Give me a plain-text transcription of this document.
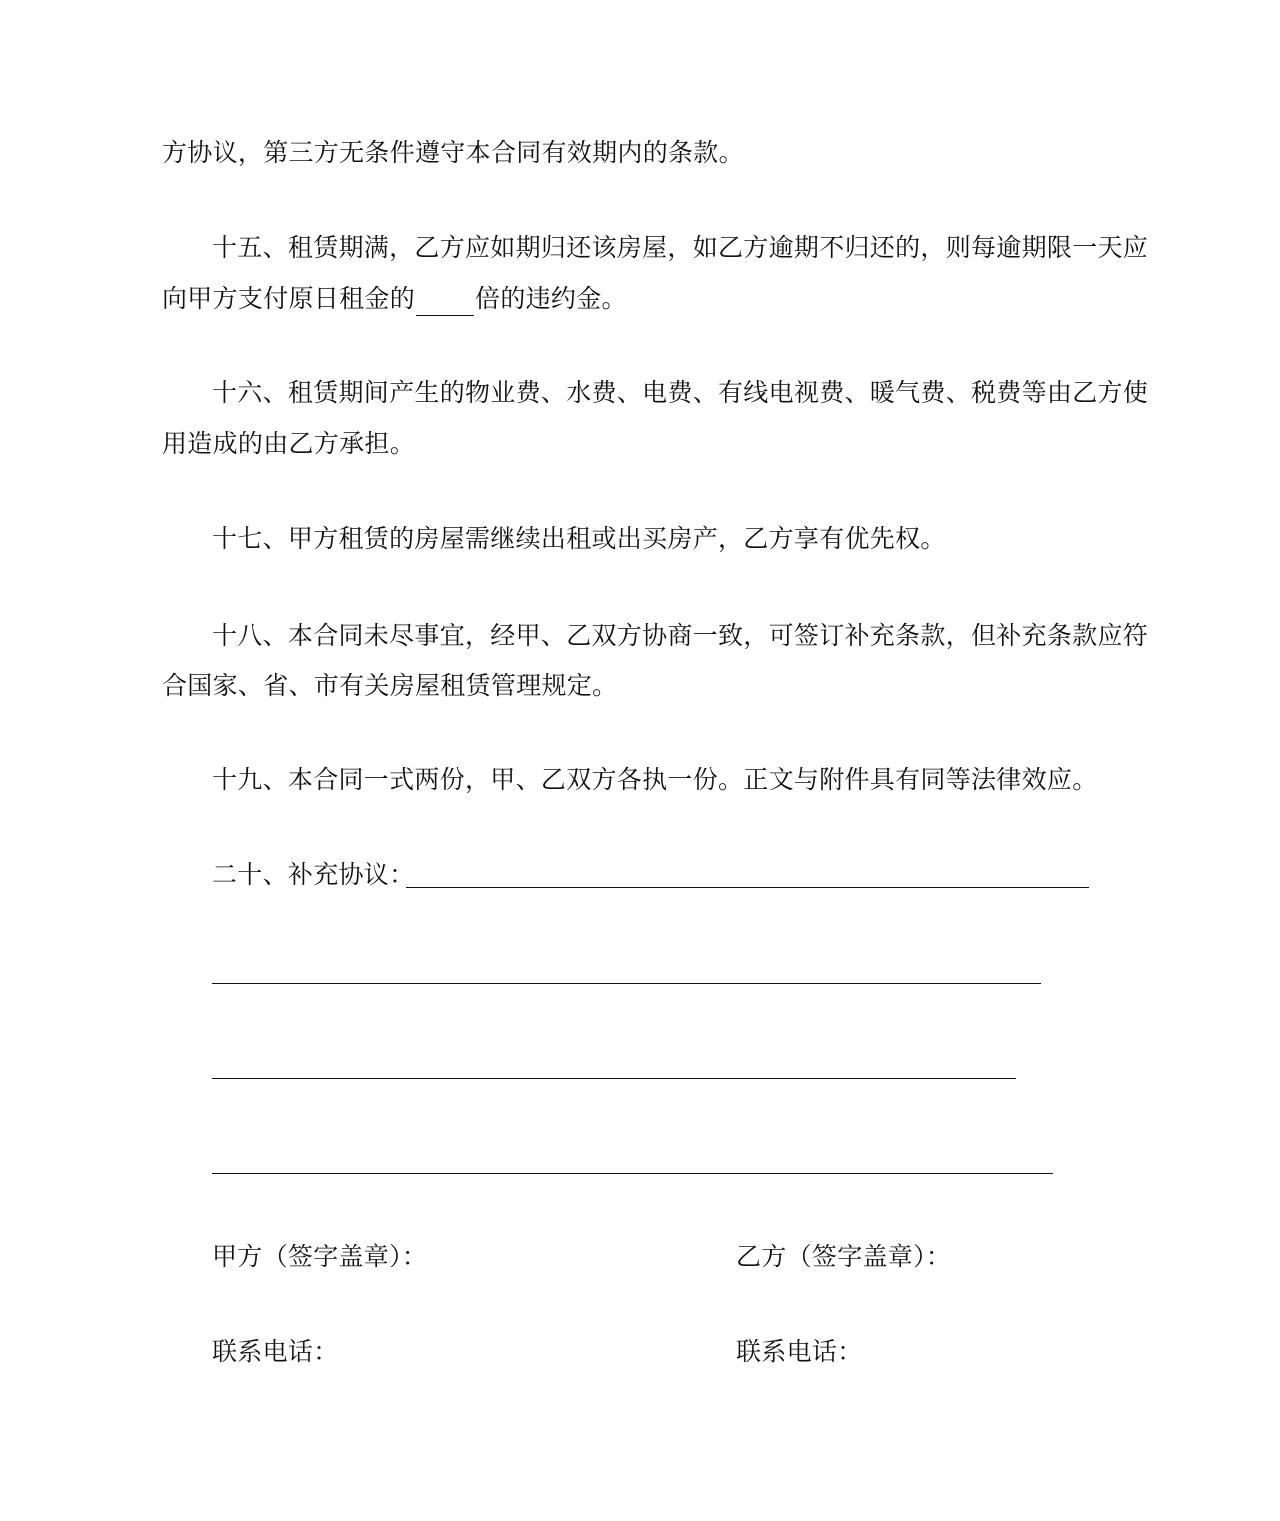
方协议，第三方无条件遵守本合同有效期内的条款。
十五、租赁期满，乙方应如期归还该房屋，如乙方逾期不归还的，则每逾期限一天应
向甲方支付原日租金的 倍的违约金。
十六、租赁期间产生的物业费、水费、电费、有线电视费、暖气费、税费等由乙方使
用造成的由乙方承担。
十七、甲方租赁的房屋需继续出租或出买房产，乙方享有优先权。
十八、本合同未尽事宜，经甲、乙双方协商一致，可签订补充条款，但补充条款应符
合国家、省、市有关房屋租赁管理规定。
十九、本合同一式两份，甲、乙双方各执一份。正文与附件具有同等法律效应。
二十、补充协议：
甲方（签字盖章）：	乙方（签字盖章）：
联系电话：	联系电话：
